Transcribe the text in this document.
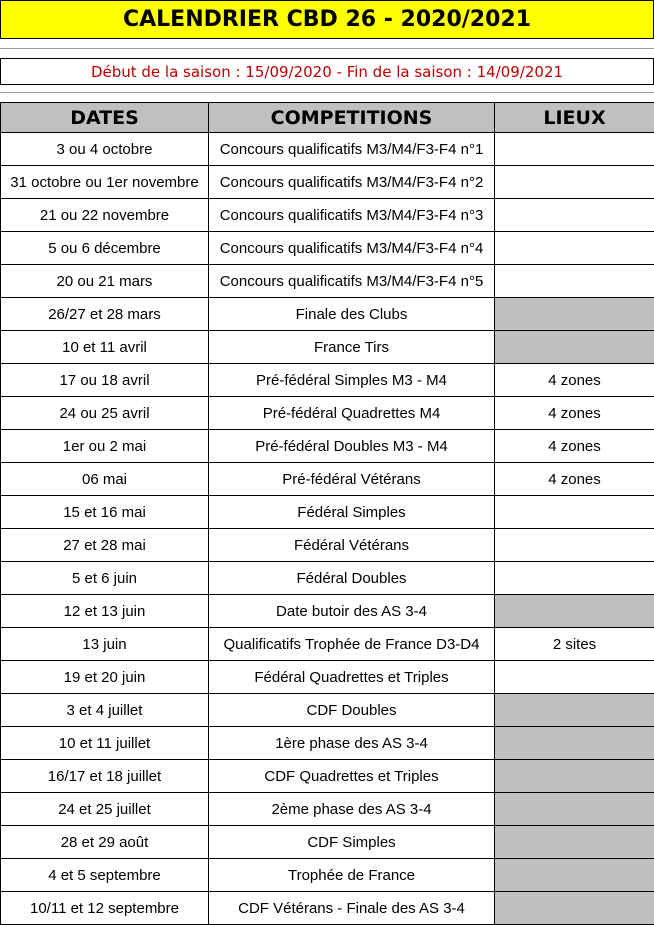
CALENDRIER CBD 26 - 2020/2021
Début de la saison : 15/09/2020 - Fin de la saison : 14/09/2021
DATES	COMPETITIONS	LIEUX
3 ou 4 octobre	Concours qualificatifs M3/M4/F3-F4 n°1	
31 octobre ou 1er novembre	Concours qualificatifs M3/M4/F3-F4 n°2	
21 ou 22 novembre	Concours qualificatifs M3/M4/F3-F4 n°3	
5 ou 6 décembre	Concours qualificatifs M3/M4/F3-F4 n°4	
20 ou 21 mars	Concours qualificatifs M3/M4/F3-F4 n°5	
26/27 et 28 mars	Finale des Clubs	
10 et 11 avril	France Tirs	
17 ou 18 avril	Pré-fédéral Simples M3 - M4	4 zones
24 ou 25 avril	Pré-fédéral Quadrettes M4	4 zones
1er ou 2 mai	Pré-fédéral Doubles M3 - M4	4 zones
06 mai	Pré-fédéral Vétérans	4 zones
15 et 16 mai	Fédéral Simples	
27 et 28 mai	Fédéral Vétérans	
5 et 6 juin	Fédéral Doubles	
12 et 13 juin	Date butoir des AS 3-4	
13 juin	Qualificatifs Trophée de France D3-D4	2 sites
19 et 20 juin	Fédéral Quadrettes et Triples	
3 et 4 juillet	CDF Doubles	
10 et 11 juillet	1ère phase des AS 3-4	
16/17 et 18 juillet	CDF Quadrettes et Triples	
24 et 25 juillet	2ème phase des AS 3-4	
28 et 29 août	CDF Simples	
4 et 5 septembre	Trophée de France	
10/11 et 12 septembre	CDF Vétérans - Finale des AS 3-4	
